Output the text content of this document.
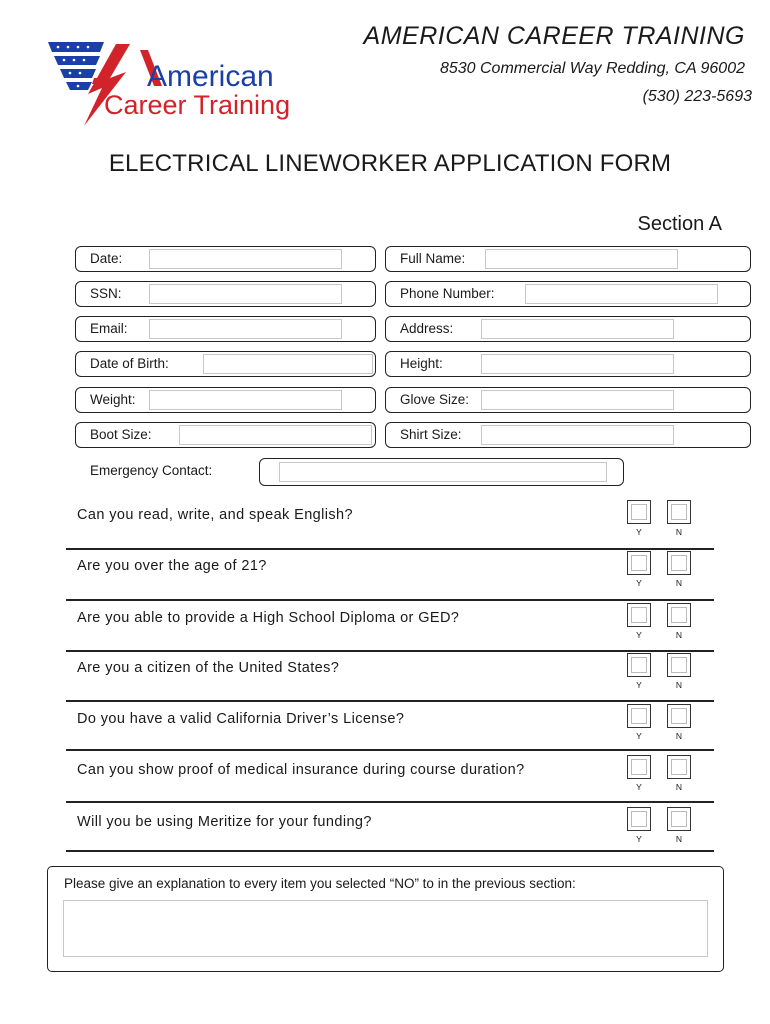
AMERICAN CAREER TRAINING
8530 Commercial Way Redding, CA 96002
(530) 223-5693
American
Career Training
ELECTRICAL LINEWORKER APPLICATION FORM
Section A
Date:	Full Name:
SSN:	Phone Number:
Email:	Address:
Date of Birth:	Height:
Weight:	Glove Size:
Boot Size:	Shirt Size:
Emergency Contact:
Can you read, write, and speak English?
Y	N
Are you over the age of 21?
Y	N
Are you able to provide a High School Diploma or GED?
Y	N
Are you a citizen of the United States?
Y	N
Do you have a valid California Driver’s License?
Y	N
Can you show proof of medical insurance during course duration?
Y	N
Will you be using Meritize for your funding?
Y	N
Please give an explanation to every item you selected “NO” to in the previous section:
